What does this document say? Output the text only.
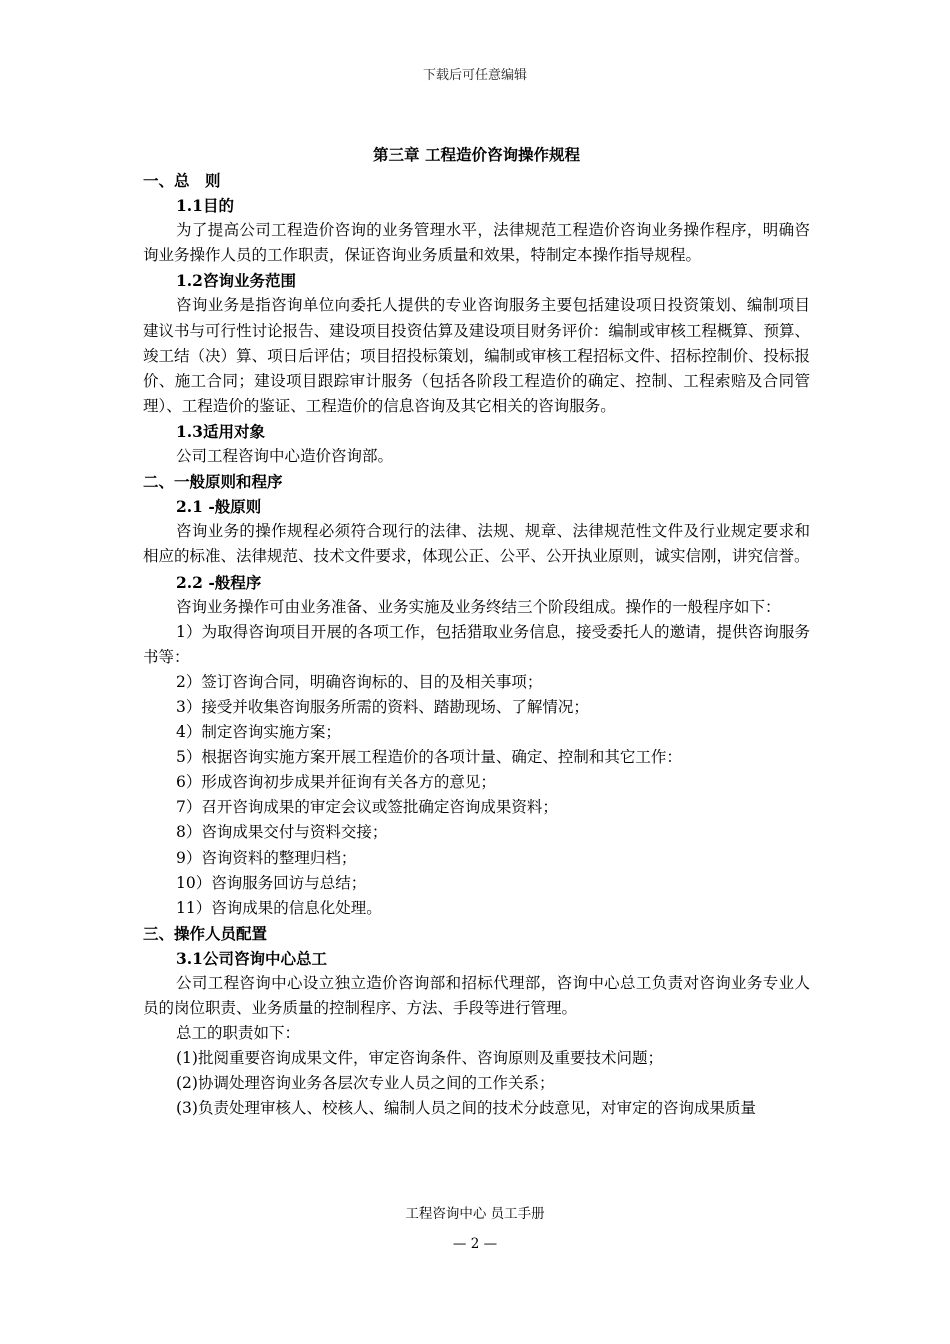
下载后可任意编辑

第三章 工程造价咨询操作规程

一、总　则

1.1目的

为了提高公司工程造价咨询的业务管理水平，法律规范工程造价咨询业务操作程序，明确咨询业务操作人员的工作职责，保证咨询业务质量和效果，特制定本操作指导规程。

1.2咨询业务范围

咨询业务是指咨询单位向委托人提供的专业咨询服务主要包括建设项日投资策划、编制项目建议书与可行性讨论报告、建设项目投资估算及建设项目财务评价：编制或审核工程概算、预算、竣工结（决）算、项日后评估；项目招投标策划，编制或审核工程招标文件、招标控制价、投标报价、施工合同；建设项目跟踪审计服务（包括各阶段工程造价的确定、控制、工程索赔及合同管理）、工程造价的鉴证、工程造价的信息咨询及其它相关的咨询服务。

1.3适用对象

公司工程咨询中心造价咨询部。

二、一般原则和程序

2.1 -般原则

咨询业务的操作规程必须符合现行的法律、法规、规章、法律规范性文件及行业规定要求和相应的标准、法律规范、技术文件要求，体现公正、公平、公开执业原则，诚实信刚，讲究信誉。

2.2 -般程序

咨询业务操作可由业务准备、业务实施及业务终结三个阶段组成。操作的一般程序如下：

1）为取得咨询项目开展的各项工作，包括猎取业务信息，接受委托人的邀请，提供咨询服务书等：

2）签订咨询合同，明确咨询标的、目的及相关事项；

3）接受并收集咨询服务所需的资料、踏勘现场、了解情况；

4）制定咨询实施方案；

5）根据咨询实施方案开展工程造价的各项计量、确定、控制和其它工作：

6）形成咨询初步成果并征询有关各方的意见；

7）召开咨询成果的审定会议或签批确定咨询成果资料；

8）咨询成果交付与资料交接；

9）咨询资料的整理归档；

10）咨询服务回访与总结；

11）咨询成果的信息化处理。

三、操作人员配置

3.1公司咨询中心总工

公司工程咨询中心设立独立造价咨询部和招标代理部，咨询中心总工负责对咨询业务专业人员的岗位职责、业务质量的控制程序、方法、手段等进行管理。

总工的职责如下：

(1)批阅重要咨询成果文件，审定咨询条件、咨询原则及重要技术问题；

(2)协调处理咨询业务各层次专业人员之间的工作关系；

(3)负责处理审核人、校核人、编制人员之间的技术分歧意见，对审定的咨询成果质量

工程咨询中心 员工手册
— 2 —
